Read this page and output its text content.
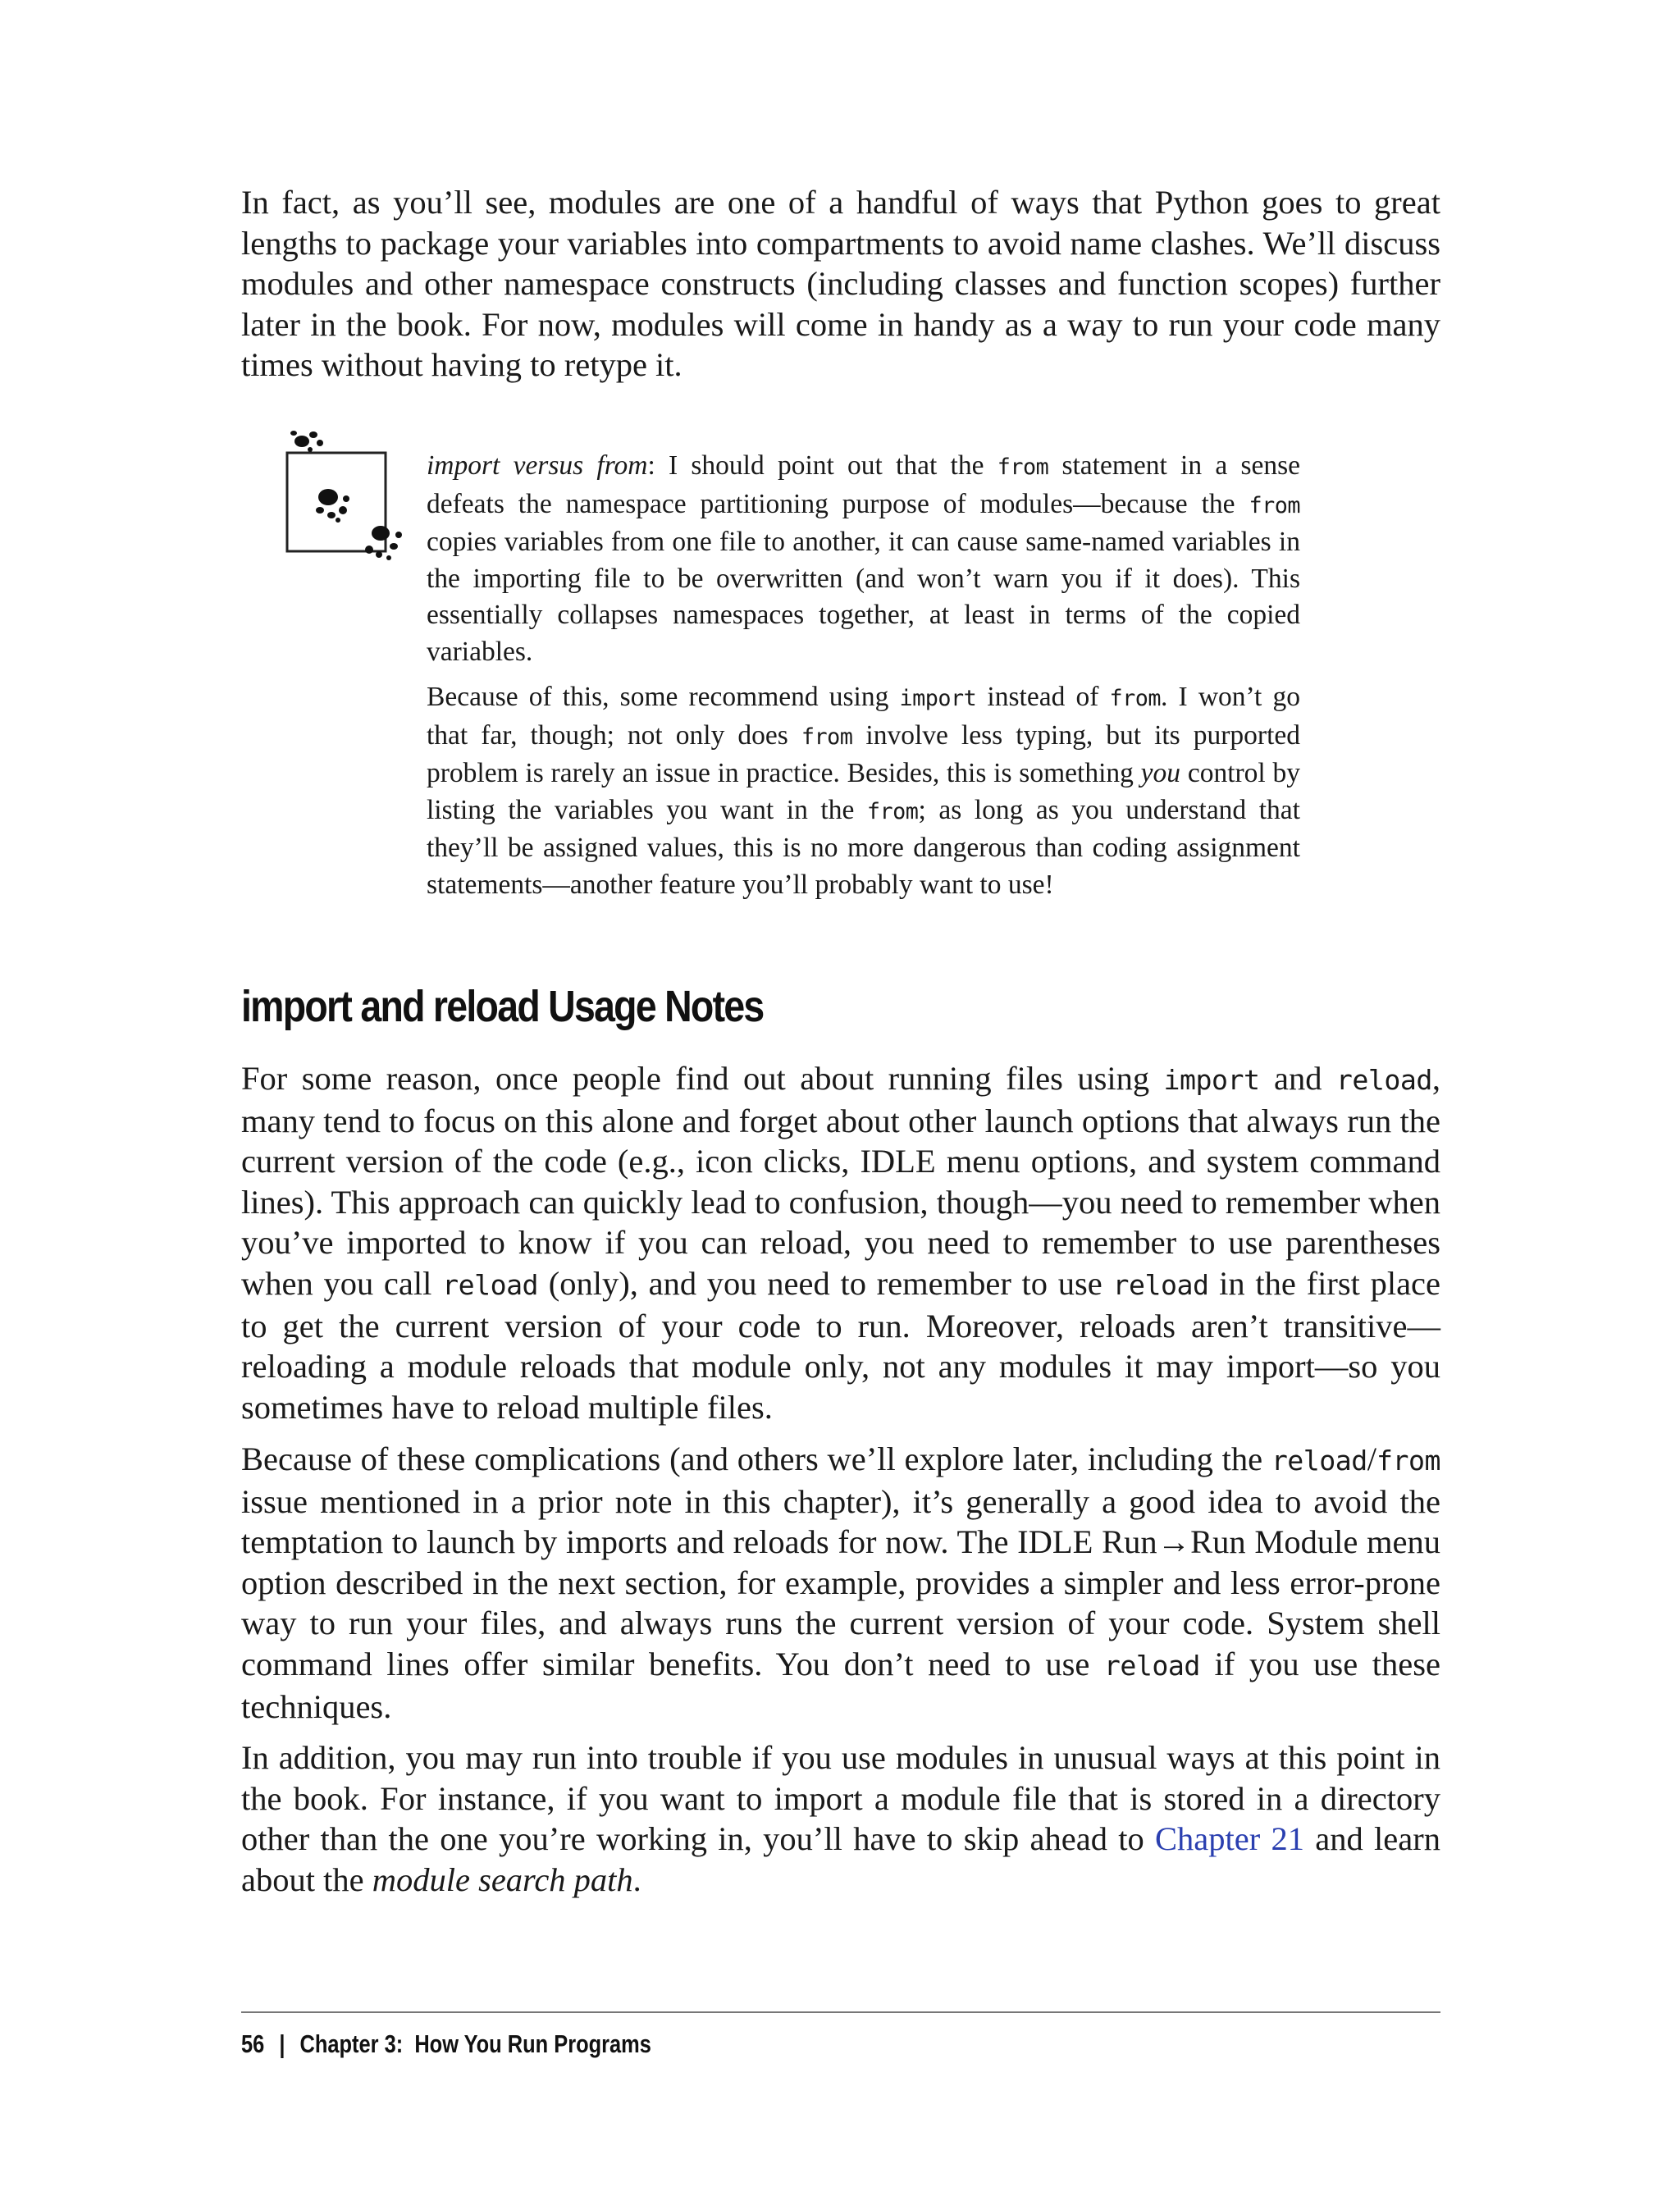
In fact, as you’ll see, modules are one of a handful of ways that Python goes to great lengths to package your variables into compartments to avoid name clashes. We’ll discuss modules and other namespace constructs (including classes and function scopes) further later in the book. For now, modules will come in handy as a way to run your code many times without having to retype it.

import versus from: I should point out that the from statement in a sense defeats the namespace partitioning purpose of modules—because the from copies variables from one file to another, it can cause same-named variables in the importing file to be overwritten (and won’t warn you if it does). This essentially collapses namespaces together, at least in terms of the copied variables.

Because of this, some recommend using import instead of from. I won’t go that far, though; not only does from involve less typing, but its purported problem is rarely an issue in practice. Besides, this is something you control by listing the variables you want in the from; as long as you understand that they’ll be assigned values, this is no more dangerous than coding assignment statements—another feature you’ll probably want to use!

import and reload Usage Notes

For some reason, once people find out about running files using import and reload, many tend to focus on this alone and forget about other launch options that always run the current version of the code (e.g., icon clicks, IDLE menu options, and system command lines). This approach can quickly lead to confusion, though—you need to remember when you’ve imported to know if you can reload, you need to remember to use parentheses when you call reload (only), and you need to remember to use reload in the first place to get the current version of your code to run. Moreover, reloads aren’t transitive—reloading a module reloads that module only, not any modules it may import—so you sometimes have to reload multiple files.

Because of these complications (and others we’ll explore later, including the reload/from issue mentioned in a prior note in this chapter), it’s generally a good idea to avoid the temptation to launch by imports and reloads for now. The IDLE Run→Run Module menu option described in the next section, for example, provides a simpler and less error-prone way to run your files, and always runs the current version of your code. System shell command lines offer similar benefits. You don’t need to use reload if you use these techniques.

In addition, you may run into trouble if you use modules in unusual ways at this point in the book. For instance, if you want to import a module file that is stored in a directory other than the one you’re working in, you’ll have to skip ahead to Chapter 21 and learn about the module search path.

56 | Chapter 3:  How You Run Programs
